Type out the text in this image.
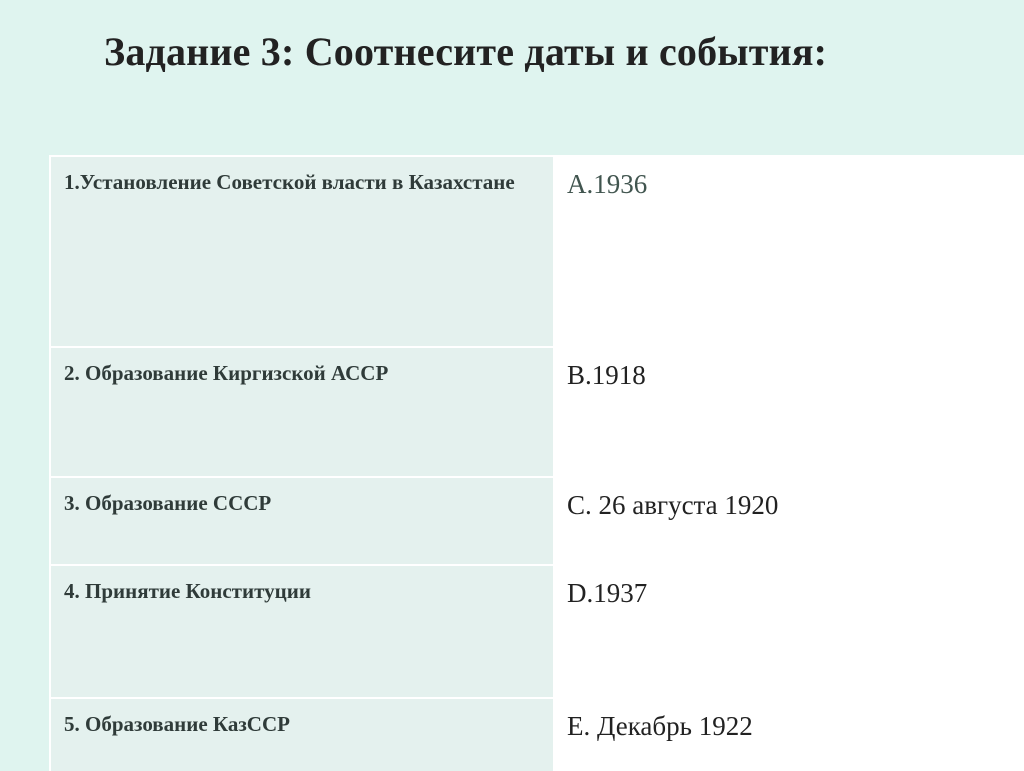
Задание 3: Соотнесите даты и события:
1.Установление Советской власти в Казахстане	А.1936
2. Образование Киргизской АССР	В.1918
3. Образование СССР	С. 26 августа 1920
4. Принятие Конституции	D.1937
5. Образование КазССР	Е. Декабрь 1922
